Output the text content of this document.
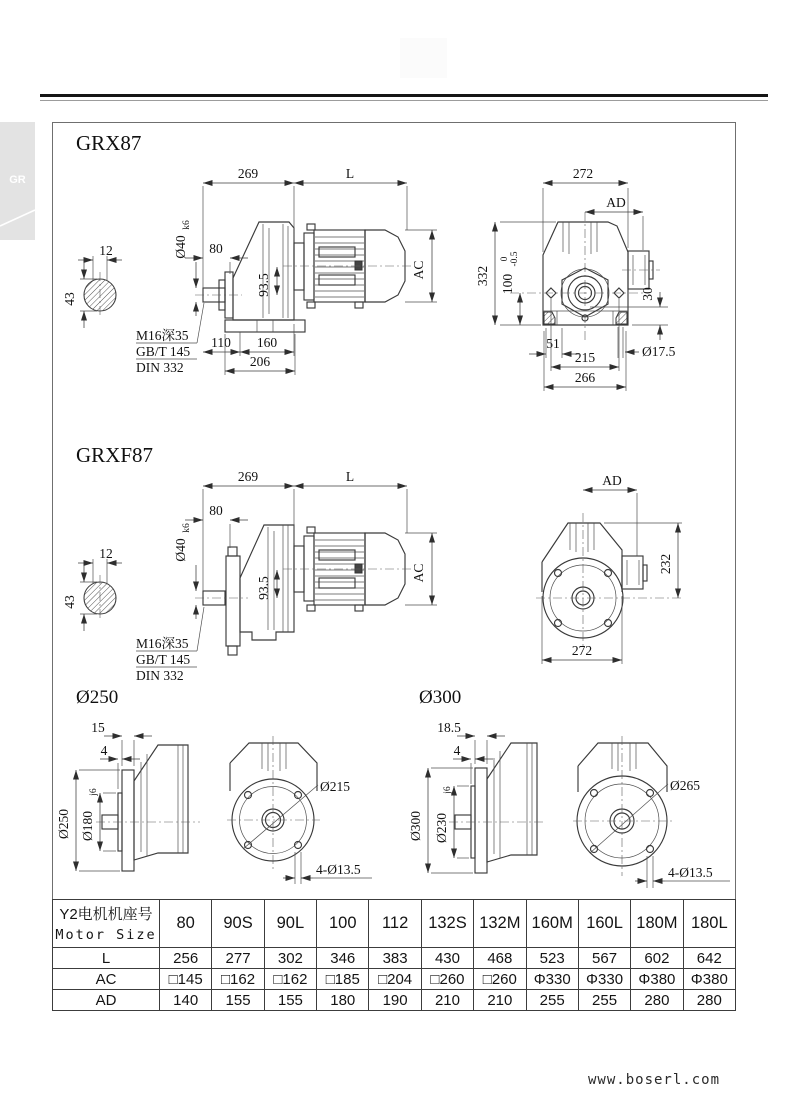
GR
GRX87
GRXF87
Ø250	Ø300
12
43
269	L
80
Ø40
k6
93.5
AC
110 160
206
M16深35
GB/T 145
DIN 332
272
AD
332 100
0 -0.5
30
51
215
266
Ø17.5
12
43
269	L
80
Ø40
k6
93.5
AC
M16深35
GB/T 145
DIN 332
AD
232
272
15
4
Ø250 Ø180
j6	Ø215
4-Ø13.5
18.5
4
Ø300 Ø230
j6	Ø265
4-Ø13.5
Y2电机机座号
Motor Size	80	90S	90L	100	112	132S	132M	160M	160L	180M	180L
L	256	277	302	346	383	430	468	523	567	602	642
AC	□145	□162	□162	□185	□204	□260	□260	Φ330	Φ330	Φ380	Φ380
AD	140	155	155	180	190	210	210	255	255	280	280
www.boserl.com
